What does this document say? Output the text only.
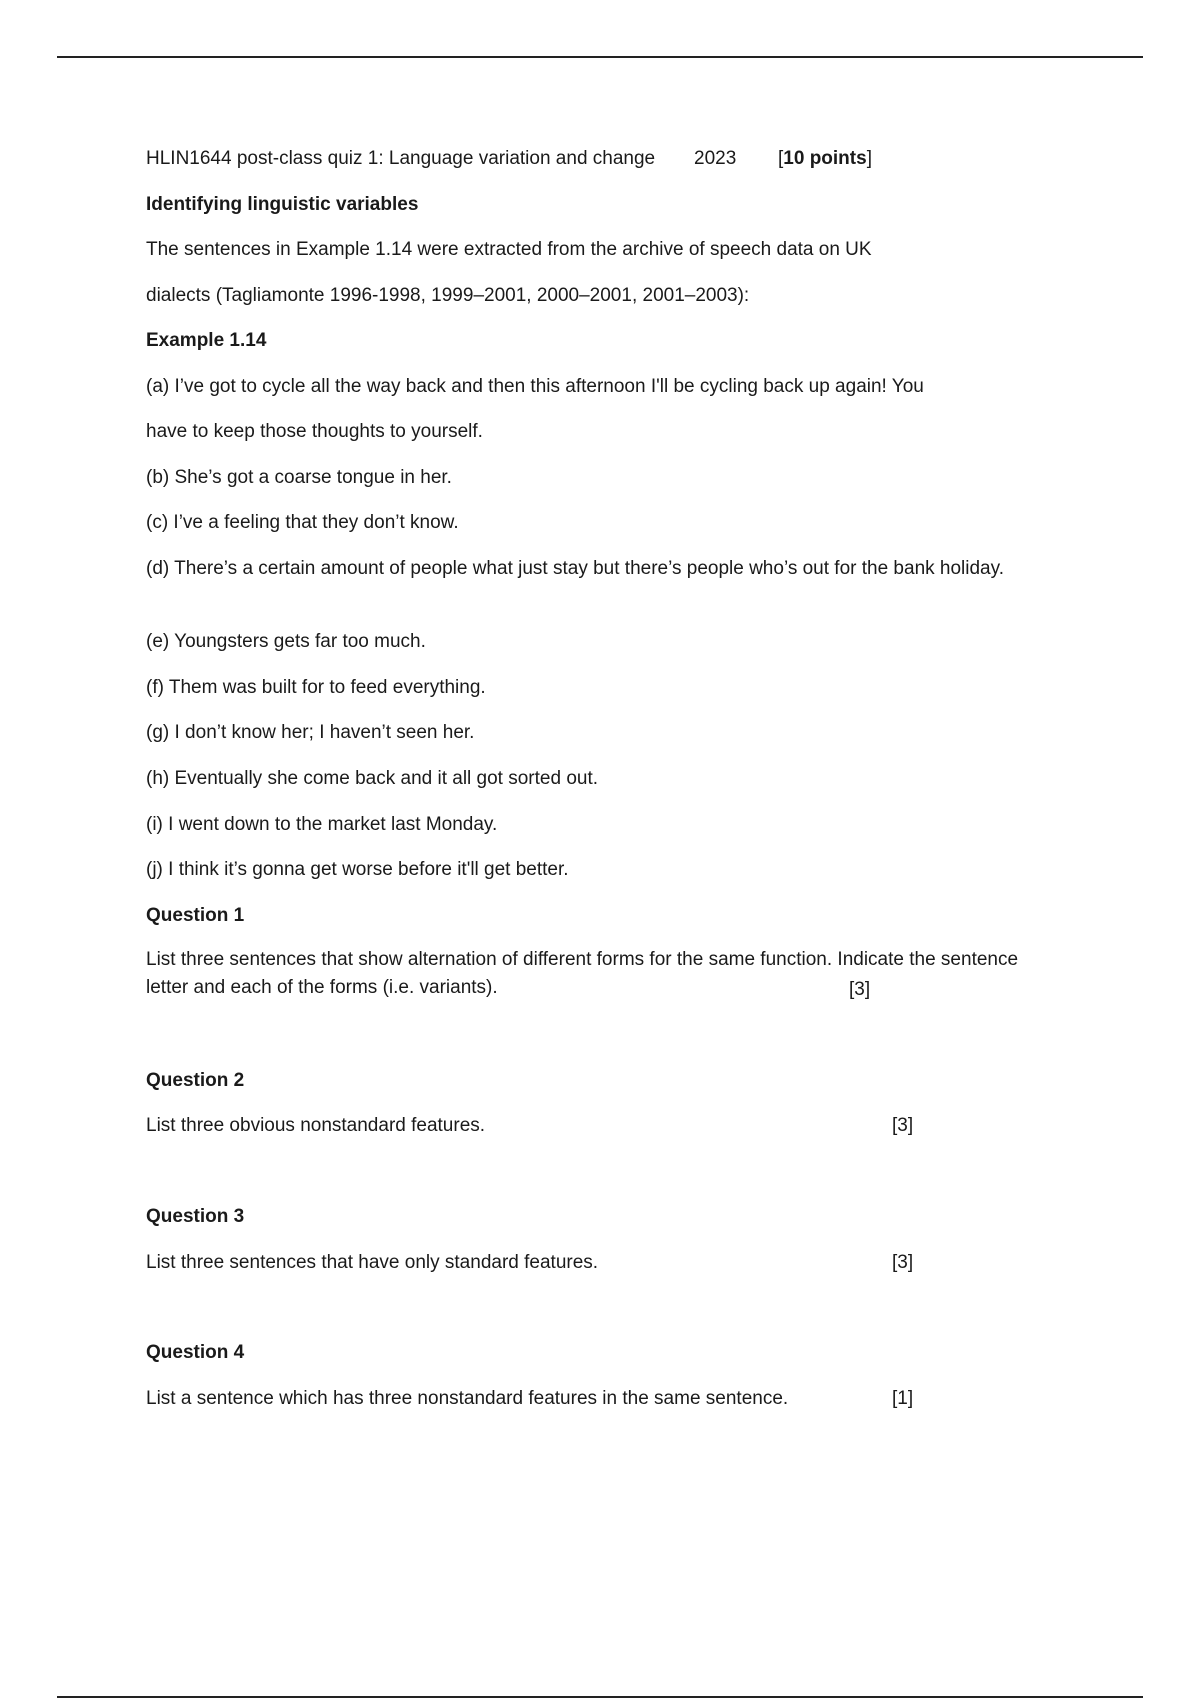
HLIN1644 post-class quiz 1: Language variation and change 2023 [10 points]
Identifying linguistic variables
The sentences in Example 1.14 were extracted from the archive of speech data on UK
dialects (Tagliamonte 1996-1998, 1999–2001, 2000–2001, 2001–2003):
Example 1.14
(a) I’ve got to cycle all the way back and then this afternoon I'll be cycling back up again! You
have to keep those thoughts to yourself.
(b) She’s got a coarse tongue in her.
(c) I’ve a feeling that they don’t know.
(d) There’s a certain amount of people what just stay but there’s people who’s out for the bank holiday.
(e) Youngsters gets far too much.
(f) Them was built for to feed everything.
(g) I don’t know her; I haven’t seen her.
(h) Eventually she come back and it all got sorted out.
(i) I went down to the market last Monday.
(j) I think it’s gonna get worse before it'll get better.
Question 1
List three sentences that show alternation of different forms for the same function. Indicate the sentence letter and each of the forms (i.e. variants).	[3]
Question 2
List three obvious nonstandard features.	[3]
Question 3
List three sentences that have only standard features.	[3]
Question 4
List a sentence which has three nonstandard features in the same sentence.	[1]
